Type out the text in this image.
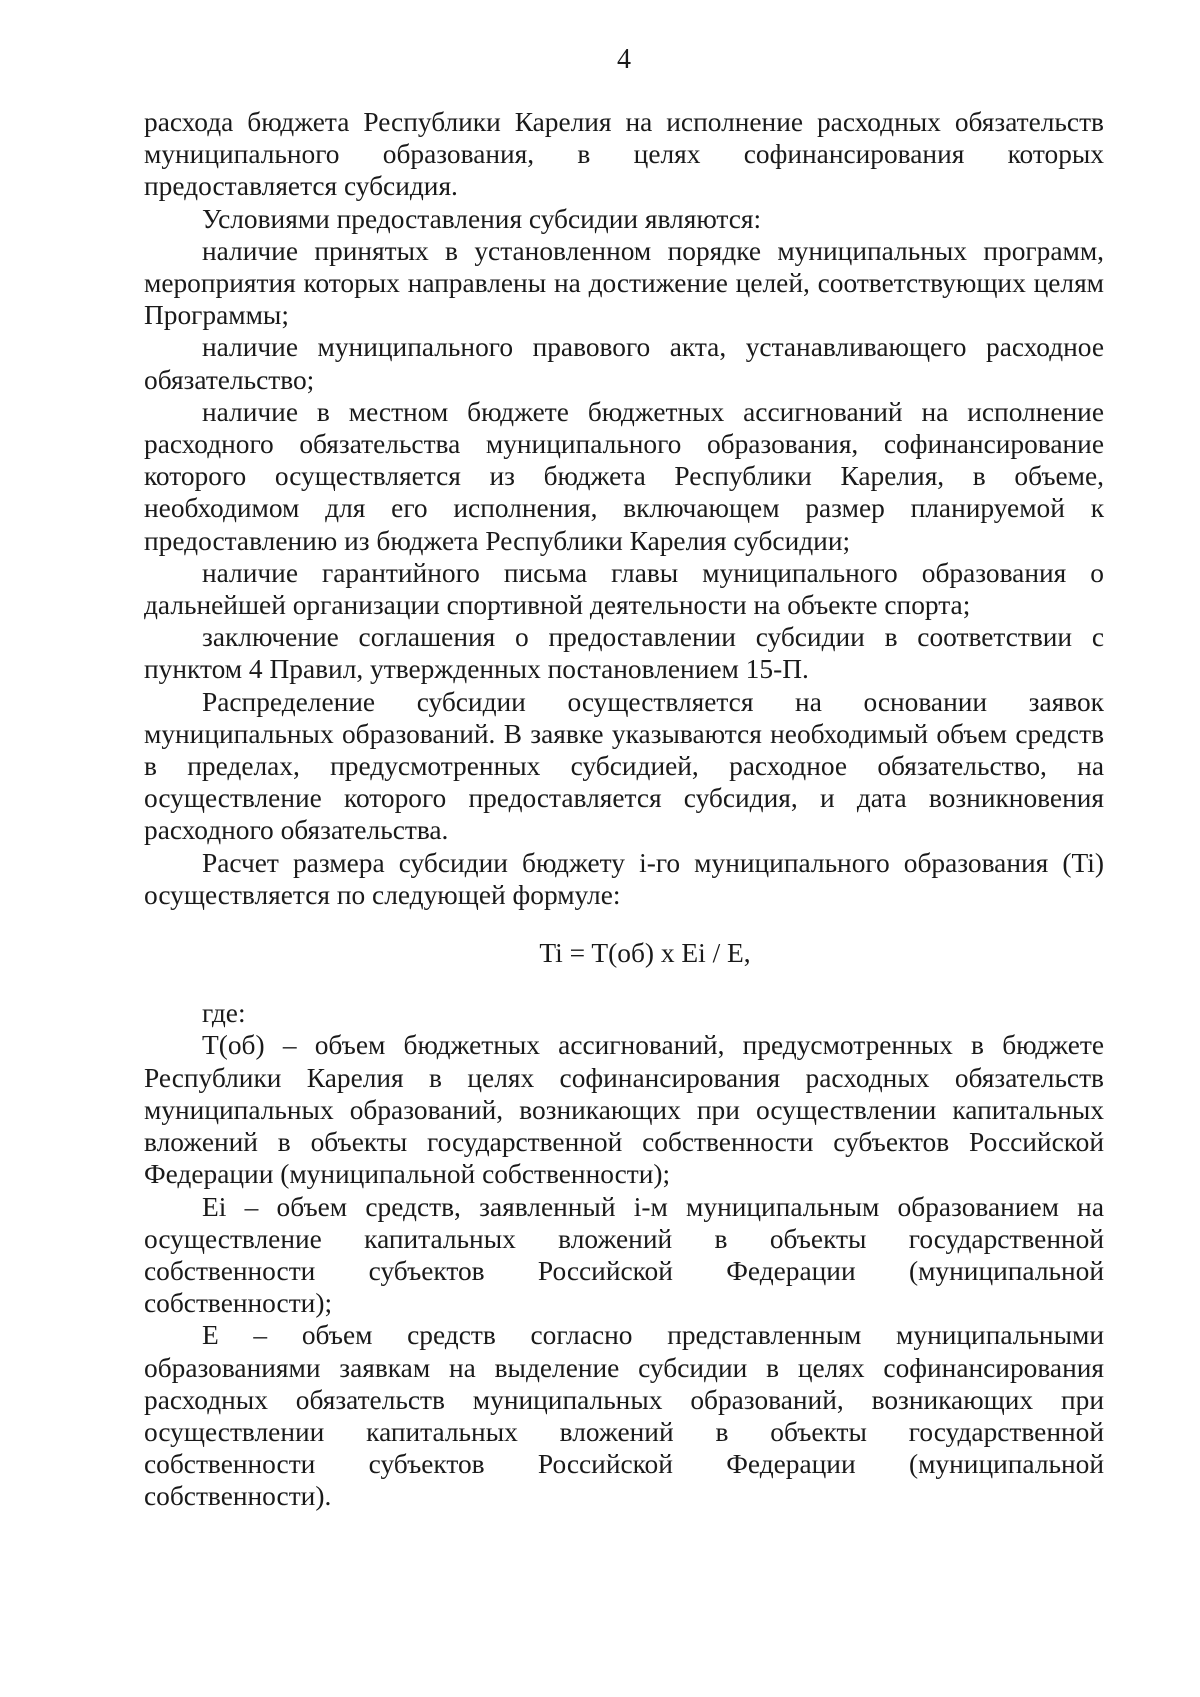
4

расхода бюджета Республики Карелия на исполнение расходных обязательств муниципального образования, в целях софинансирования которых предоставляется субсидия.

Условиями предоставления субсидии являются:

наличие принятых в установленном порядке муниципальных программ, мероприятия которых направлены на достижение целей, соответствующих целям Программы;

наличие муниципального правового акта, устанавливающего расходное обязательство;

наличие в местном бюджете бюджетных ассигнований на исполнение расходного обязательства муниципального образования, софинансирование которого осуществляется из бюджета Республики Карелия, в объеме, необходимом для его исполнения, включающем размер планируемой к предоставлению из бюджета Республики Карелия субсидии;

наличие гарантийного письма главы муниципального образования о дальнейшей организации спортивной деятельности на объекте спорта;

заключение соглашения о предоставлении субсидии в соответствии с пунктом 4 Правил, утвержденных постановлением 15-П.

Распределение субсидии осуществляется на основании заявок муниципальных образований. В заявке указываются необходимый объем средств в пределах, предусмотренных субсидией, расходное обязательство, на осуществление которого предоставляется субсидия, и дата возникновения расходного обязательства.

Расчет размера субсидии бюджету i-го муниципального образования (Ti) осуществляется по следующей формуле:

Ti = T(об) х Ei / E,

где:

T(об) – объем бюджетных ассигнований, предусмотренных в бюджете Республики Карелия в целях софинансирования расходных обязательств муниципальных образований, возникающих при осуществлении капитальных вложений в объекты государственной собственности субъектов Российской Федерации (муниципальной собственности);

Ei – объем средств, заявленный i-м муниципальным образованием на осуществление капитальных вложений в объекты государственной собственности субъектов Российской Федерации (муниципальной собственности);

E – объем средств согласно представленным муниципальными образованиями заявкам на выделение субсидии в целях софинансирования расходных обязательств муниципальных образований, возникающих при осуществлении капитальных вложений в объекты государственной собственности субъектов Российской Федерации (муниципальной собственности).
